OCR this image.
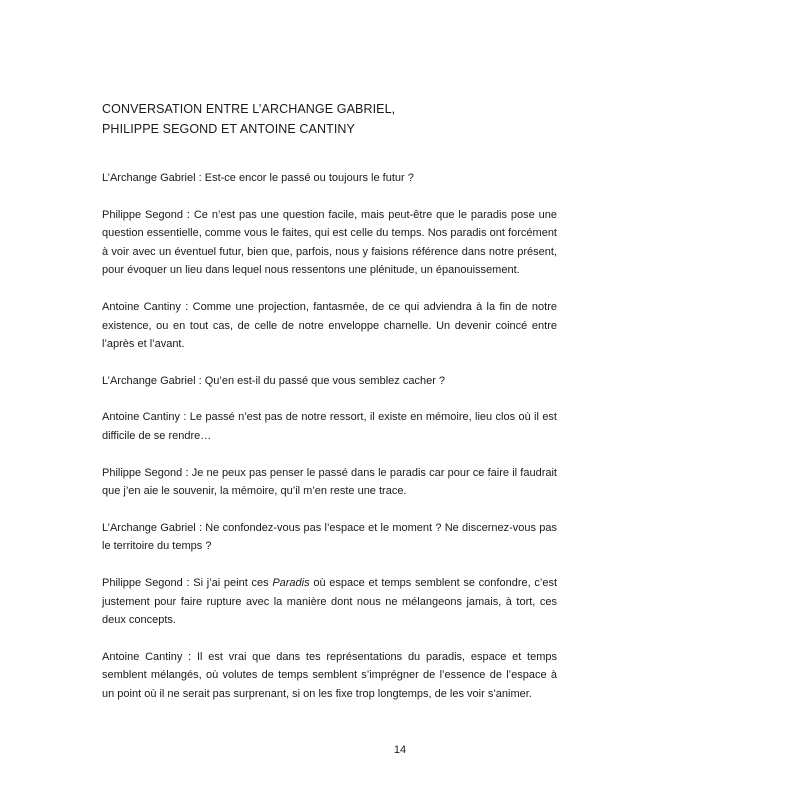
CONVERSATION ENTRE L’ARCHANGE GABRIEL,
PHILIPPE SEGOND ET ANTOINE CANTINY

L’Archange Gabriel : Est-ce encor le passé ou toujours le futur ?

Philippe Segond : Ce n’est pas une question facile, mais peut-être que le paradis pose une question essentielle, comme vous le faites, qui est celle du temps. Nos paradis ont forcément à voir avec un éventuel futur, bien que, parfois, nous y faisions référence dans notre présent, pour évoquer un lieu dans lequel nous ressentons une plénitude, un épanouissement.

Antoine Cantiny : Comme une projection, fantasmée, de ce qui adviendra à la fin de notre existence, ou en tout cas, de celle de notre enveloppe charnelle. Un devenir coincé entre l’après et l’avant.

L’Archange Gabriel : Qu’en est-il du passé que vous semblez cacher ?

Antoine Cantiny : Le passé n’est pas de notre ressort, il existe en mémoire, lieu clos où il est difficile de se rendre…

Philippe Segond : Je ne peux pas penser le passé dans le paradis car pour ce faire il faudrait que j’en aie le souvenir, la mémoire, qu’il m’en reste une trace.

L’Archange Gabriel : Ne confondez-vous pas l’espace et le moment ? Ne discernez-vous pas le territoire du temps ?

Philippe Segond : Si j’ai peint ces Paradis où espace et temps semblent se confondre, c’est justement pour faire rupture avec la manière dont nous ne mélangeons jamais, à tort, ces deux concepts.

Antoine Cantiny : Il est vrai que dans tes représentations du paradis, espace et temps semblent mélangés, où volutes de temps semblent s’imprégner de l’essence de l’espace à un point où il ne serait pas surprenant, si on les fixe trop longtemps, de les voir s’animer.

14
